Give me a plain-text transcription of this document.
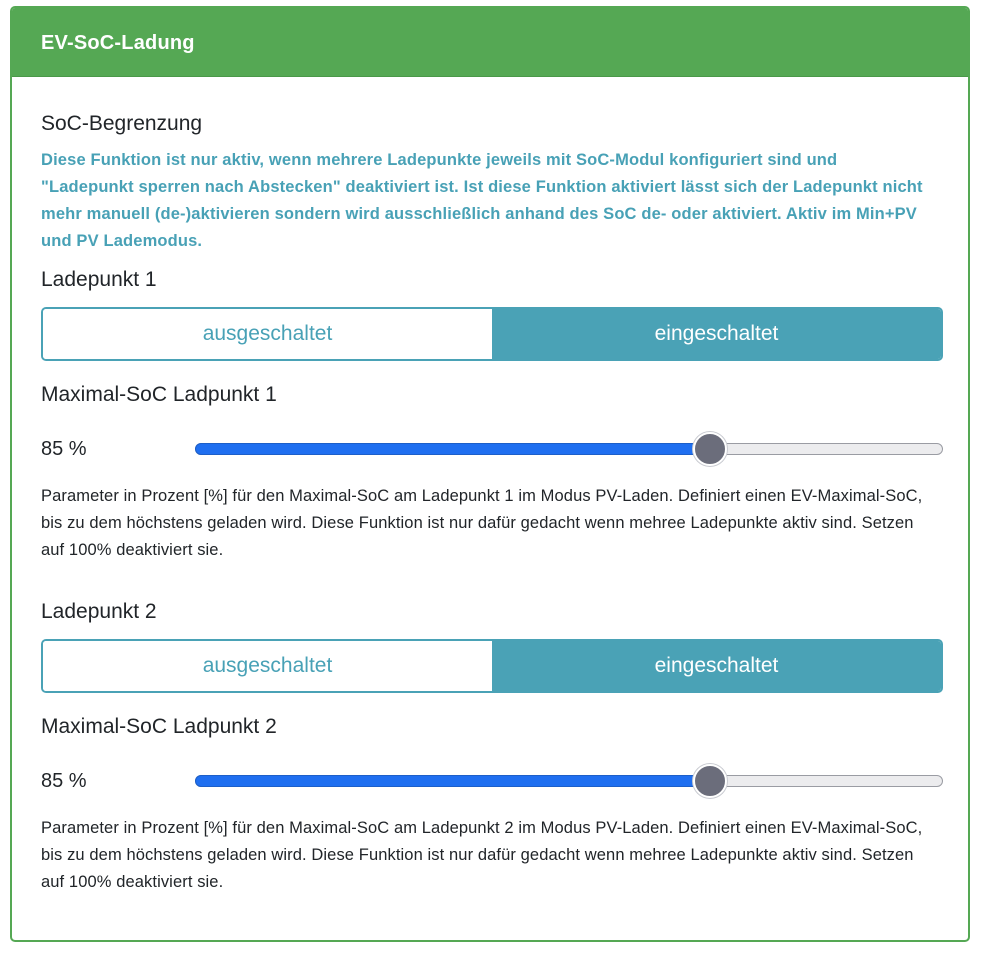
EV-SoC-Ladung
SoC-Begrenzung
Diese Funktion ist nur aktiv, wenn mehrere Ladepunkte jeweils mit SoC-Modul konfiguriert sind und "Ladepunkt sperren nach Abstecken" deaktiviert ist. Ist diese Funktion aktiviert lässt sich der Ladepunkt nicht mehr manuell (de-)aktivieren sondern wird ausschließlich anhand des SoC de- oder aktiviert. Aktiv im Min+PV und PV Lademodus.
Ladepunkt 1
ausgeschaltet	eingeschaltet
Maximal-SoC Ladpunkt 1
85 %
Parameter in Prozent [%] für den Maximal-SoC am Ladepunkt 1 im Modus PV-Laden. Definiert einen EV-Maximal-SoC, bis zu dem höchstens geladen wird. Diese Funktion ist nur dafür gedacht wenn mehree Ladepunkte aktiv sind. Setzen auf 100% deaktiviert sie.
Ladepunkt 2
ausgeschaltet	eingeschaltet
Maximal-SoC Ladpunkt 2
85 %
Parameter in Prozent [%] für den Maximal-SoC am Ladepunkt 2 im Modus PV-Laden. Definiert einen EV-Maximal-SoC, bis zu dem höchstens geladen wird. Diese Funktion ist nur dafür gedacht wenn mehree Ladepunkte aktiv sind. Setzen auf 100% deaktiviert sie.
